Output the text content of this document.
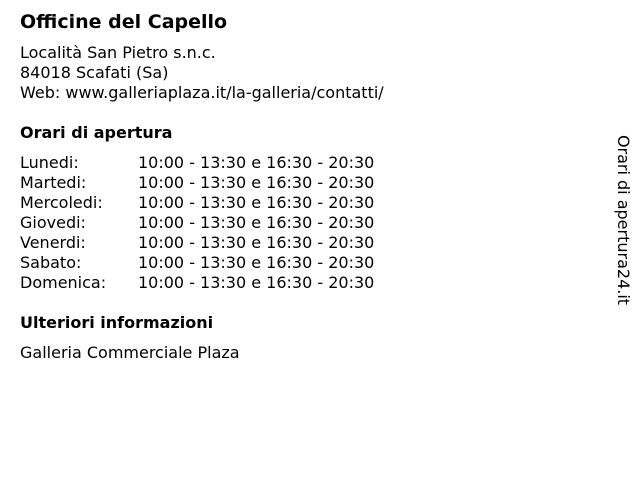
Officine del Capello
Località San Pietro s.n.c.
84018 Scafati (Sa)
Web: www.galleriaplaza.it/la-galleria/contatti/
Orari di apertura
Lunedi:	10:00 - 13:30 e 16:30 - 20:30
Martedi:	10:00 - 13:30 e 16:30 - 20:30
Mercoledi: 10:00 - 13:30 e 16:30 - 20:30
Giovedi:	10:00 - 13:30 e 16:30 - 20:30
Venerdi:	10:00 - 13:30 e 16:30 - 20:30
Sabato:	10:00 - 13:30 e 16:30 - 20:30
Domenica: 10:00 - 13:30 e 16:30 - 20:30
Ulteriori informazioni
Galleria Commerciale Plaza
Orari di apertura24.it
